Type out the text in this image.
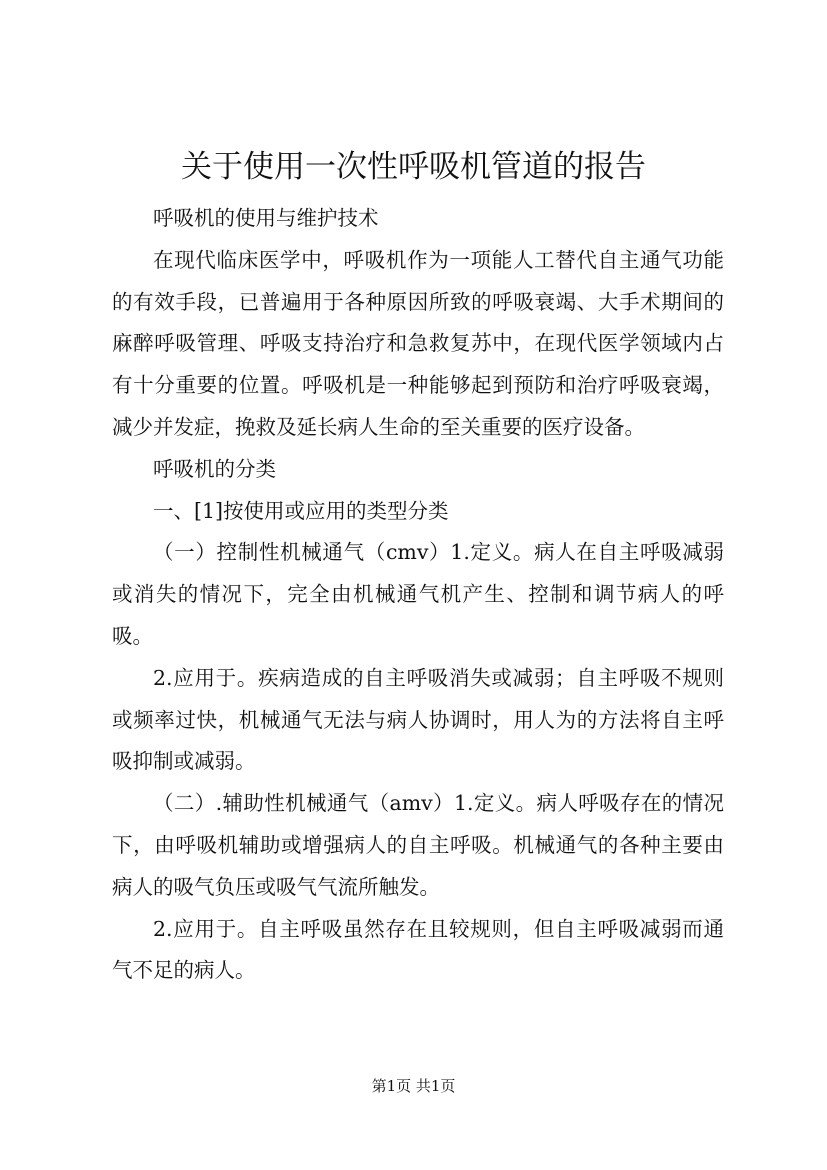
关于使用一次性呼吸机管道的报告

呼吸机的使用与维护技术

在现代临床医学中，呼吸机作为一项能人工替代自主通气功能的有效手段，已普遍用于各种原因所致的呼吸衰竭、大手术期间的麻醉呼吸管理、呼吸支持治疗和急救复苏中，在现代医学领域内占有十分重要的位置。呼吸机是一种能够起到预防和治疗呼吸衰竭，减少并发症，挽救及延长病人生命的至关重要的医疗设备。

呼吸机的分类

一、[1]按使用或应用的类型分类

（一）控制性机械通气（cmv）1.定义。病人在自主呼吸减弱或消失的情况下，完全由机械通气机产生、控制和调节病人的呼吸。

2.应用于。疾病造成的自主呼吸消失或减弱；自主呼吸不规则或频率过快，机械通气无法与病人协调时，用人为的方法将自主呼吸抑制或减弱。

（二）.辅助性机械通气（amv）1.定义。病人呼吸存在的情况下，由呼吸机辅助或增强病人的自主呼吸。机械通气的各种主要由病人的吸气负压或吸气气流所触发。

2.应用于。自主呼吸虽然存在且较规则，但自主呼吸减弱而通气不足的病人。

第1页 共1页
